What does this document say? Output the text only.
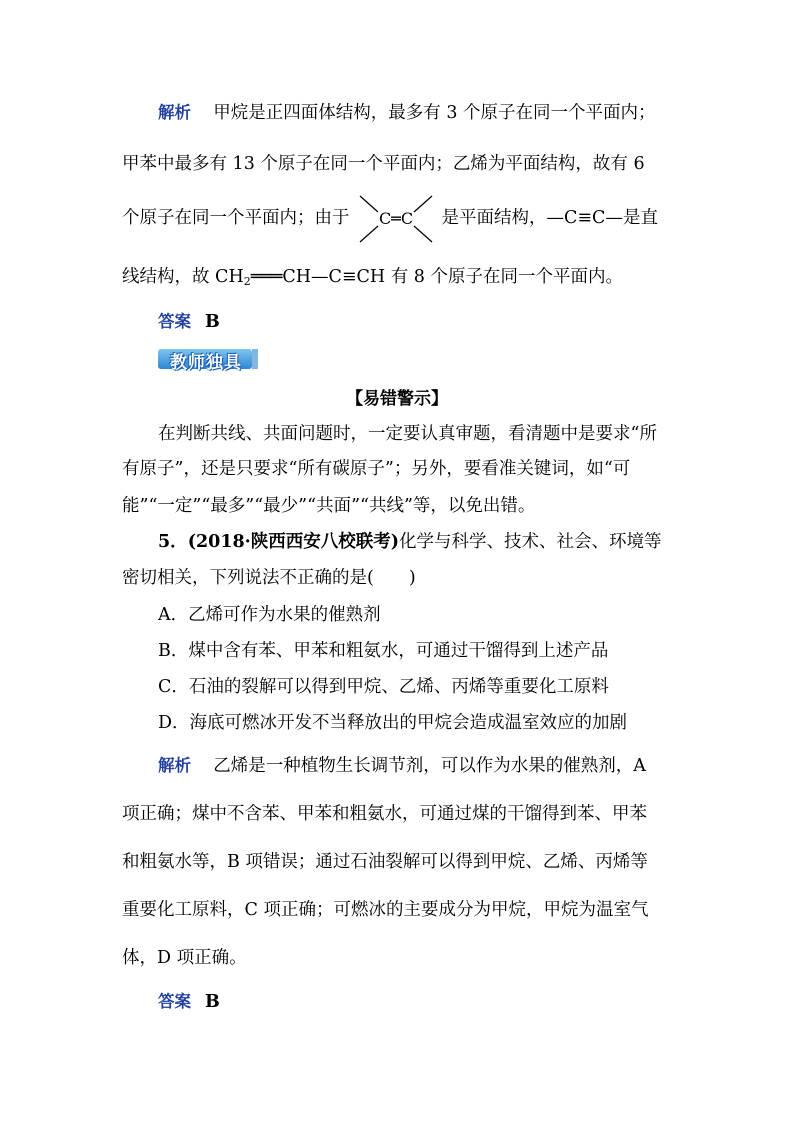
解析 甲烷是正四面体结构，最多有 3 个原子在同一个平面内；
甲苯中最多有 13 个原子在同一个平面内；乙烯为平面结构，故有 6
个原子在同一个平面内；由于 C═C 是平面结构，—C≡C—是直
线结构，故 $CH_2═══CH—C\equiv CH$ 有 8 个原子在同一个平面内。
答案 B
教师独具
【易错警示】
在判断共线、共面问题时，一定要认真审题，看清题中是要求“所
有原子”，还是只要求“所有碳原子”；另外，要看准关键词，如“可
能”“一定”“最多”“最少”“共面”“共线”等，以免出错。
5．(2018·陕西西安八校联考)化学与科学、技术、社会、环境等
密切相关，下列说法不正确的是(　　)
A．乙烯可作为水果的催熟剂
B．煤中含有苯、甲苯和粗氨水，可通过干馏得到上述产品
C．石油的裂解可以得到甲烷、乙烯、丙烯等重要化工原料
D．海底可燃冰开发不当释放出的甲烷会造成温室效应的加剧
解析 乙烯是一种植物生长调节剂，可以作为水果的催熟剂，A
项正确；煤中不含苯、甲苯和粗氨水，可通过煤的干馏得到苯、甲苯
和粗氨水等，B 项错误；通过石油裂解可以得到甲烷、乙烯、丙烯等
重要化工原料，C 项正确；可燃冰的主要成分为甲烷，甲烷为温室气
体，D 项正确。
答案 B
